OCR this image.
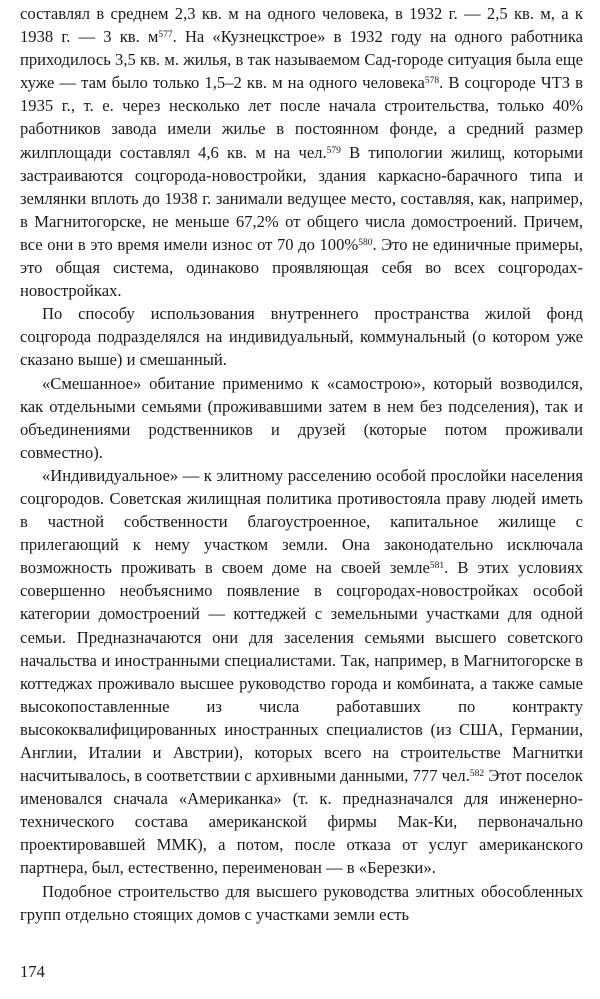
составлял в среднем 2,3 кв. м на одного человека, в 1932 г. — 2,5 кв. м, а к 1938 г. — 3 кв. $м^{577}$. На «Кузнецкстрое» в 1932 году на одного работника приходилось 3,5 кв. м. жилья, в так называемом Сад-городе ситуация была еще хуже — там было только 1,5–2 кв. м на одного человека$^{578}$. В соцгороде ЧТЗ в 1935 г., т. е. через несколько лет после начала строительства, только 40% работников завода имели жилье в постоянном фонде, а средний размер жилплощади составлял 4,6 кв. м на чел.$^{579}$ В типологии жилищ, которыми застраиваются соцгорода-новостройки, здания каркасно-барачного типа и землянки вплоть до 1938 г. занимали ведущее место, составляя, как, например, в Магнитогорске, не меньше 67,2% от общего числа домостроений. Причем, все они в это время имели износ от 70 до 100%$^{580}$. Это не единичные примеры, это общая система, одинаково проявляющая себя во всех соцгородах-новостройках.

По способу использования внутреннего пространства жилой фонд соцгорода подразделялся на индивидуальный, коммунальный (о котором уже сказано выше) и смешанный.

«Смешанное» обитание применимо к «самострою», который возводился, как отдельными семьями (проживавшими затем в нем без подселения), так и объединениями родственников и друзей (которые потом проживали совместно).

«Индивидуальное» — к элитному расселению особой прослойки населения соцгородов. Советская жилищная политика противостояла праву людей иметь в частной собственности благоустроенное, капитальное жилище с прилегающий к нему участком земли. Она законодательно исключала возможность проживать в своем доме на своей земле$^{581}$. В этих условиях совершенно необъяснимо появление в соцгородах-новостройках особой категории домостроений — коттеджей с земельными участками для одной семьи. Предназначаются они для заселения семьями высшего советского начальства и иностранными специалистами. Так, например, в Магнитогорске в коттеджах проживало высшее руководство города и комбината, а также самые высокопоставленные из числа работавших по контракту высококвалифицированных иностранных специалистов (из США, Германии, Англии, Италии и Австрии), которых всего на строительстве Магнитки насчитывалось, в соответствии с архивными данными, 777 чел.$^{582}$ Этот поселок именовался сначала «Американка» (т. к. предназначался для инженерно-технического состава американской фирмы Мак-Ки, первоначально проектировавшей ММК), а потом, после отказа от услуг американского партнера, был, естественно, переименован — в «Березки».

Подобное строительство для высшего руководства элитных обособленных групп отдельно стоящих домов с участками земли есть

174
